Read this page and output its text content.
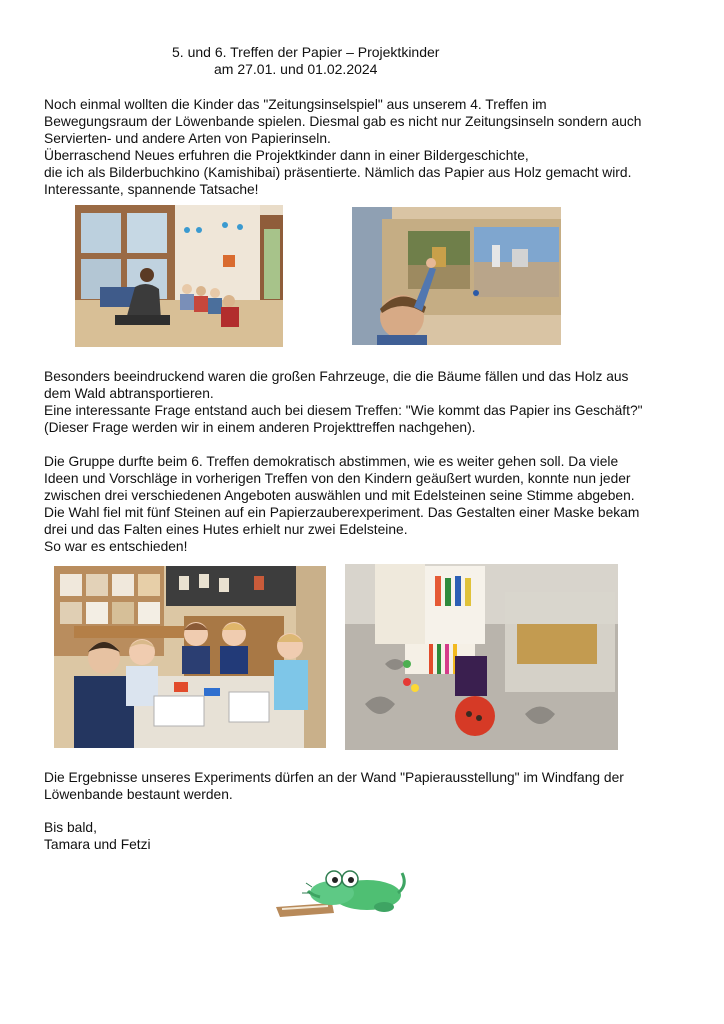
5. und 6. Treffen der Papier – Projektkinder
am 27.01. und 01.02.2024
Noch einmal wollten die Kinder das "Zeitungsinselspiel" aus unserem 4. Treffen im
Bewegungsraum der Löwenbande spielen. Diesmal gab es nicht nur Zeitungsinseln sondern auch
Servierten- und andere Arten von Papierinseln.
Überraschend Neues erfuhren die Projektkinder dann in einer Bildergeschichte,
die ich als Bilderbuchkino (Kamishibai) präsentierte. Nämlich das Papier aus Holz gemacht wird.
Interessante, spannende Tatsache!
Besonders beeindruckend waren die großen Fahrzeuge, die die Bäume fällen und das Holz aus
dem Wald abtransportieren.
Eine interessante Frage entstand auch bei diesem Treffen: "Wie kommt das Papier ins Geschäft?"
(Dieser Frage werden wir in einem anderen Projekttreffen nachgehen).
Die Gruppe durfte beim 6. Treffen demokratisch abstimmen, wie es weiter gehen soll. Da viele
Ideen und Vorschläge in vorherigen Treffen von den Kindern geäußert wurden, konnte nun jeder
zwischen drei verschiedenen Angeboten auswählen und mit Edelsteinen seine Stimme abgeben.
Die Wahl fiel mit fünf Steinen auf ein Papierzauberexperiment. Das Gestalten einer Maske bekam
drei und das Falten eines Hutes erhielt nur zwei Edelsteine.
So war es entschieden!
Die Ergebnisse unseres Experiments dürfen an der Wand "Papierausstellung" im Windfang der
Löwenbande bestaunt werden.
Bis bald,
Tamara und Fetzi
